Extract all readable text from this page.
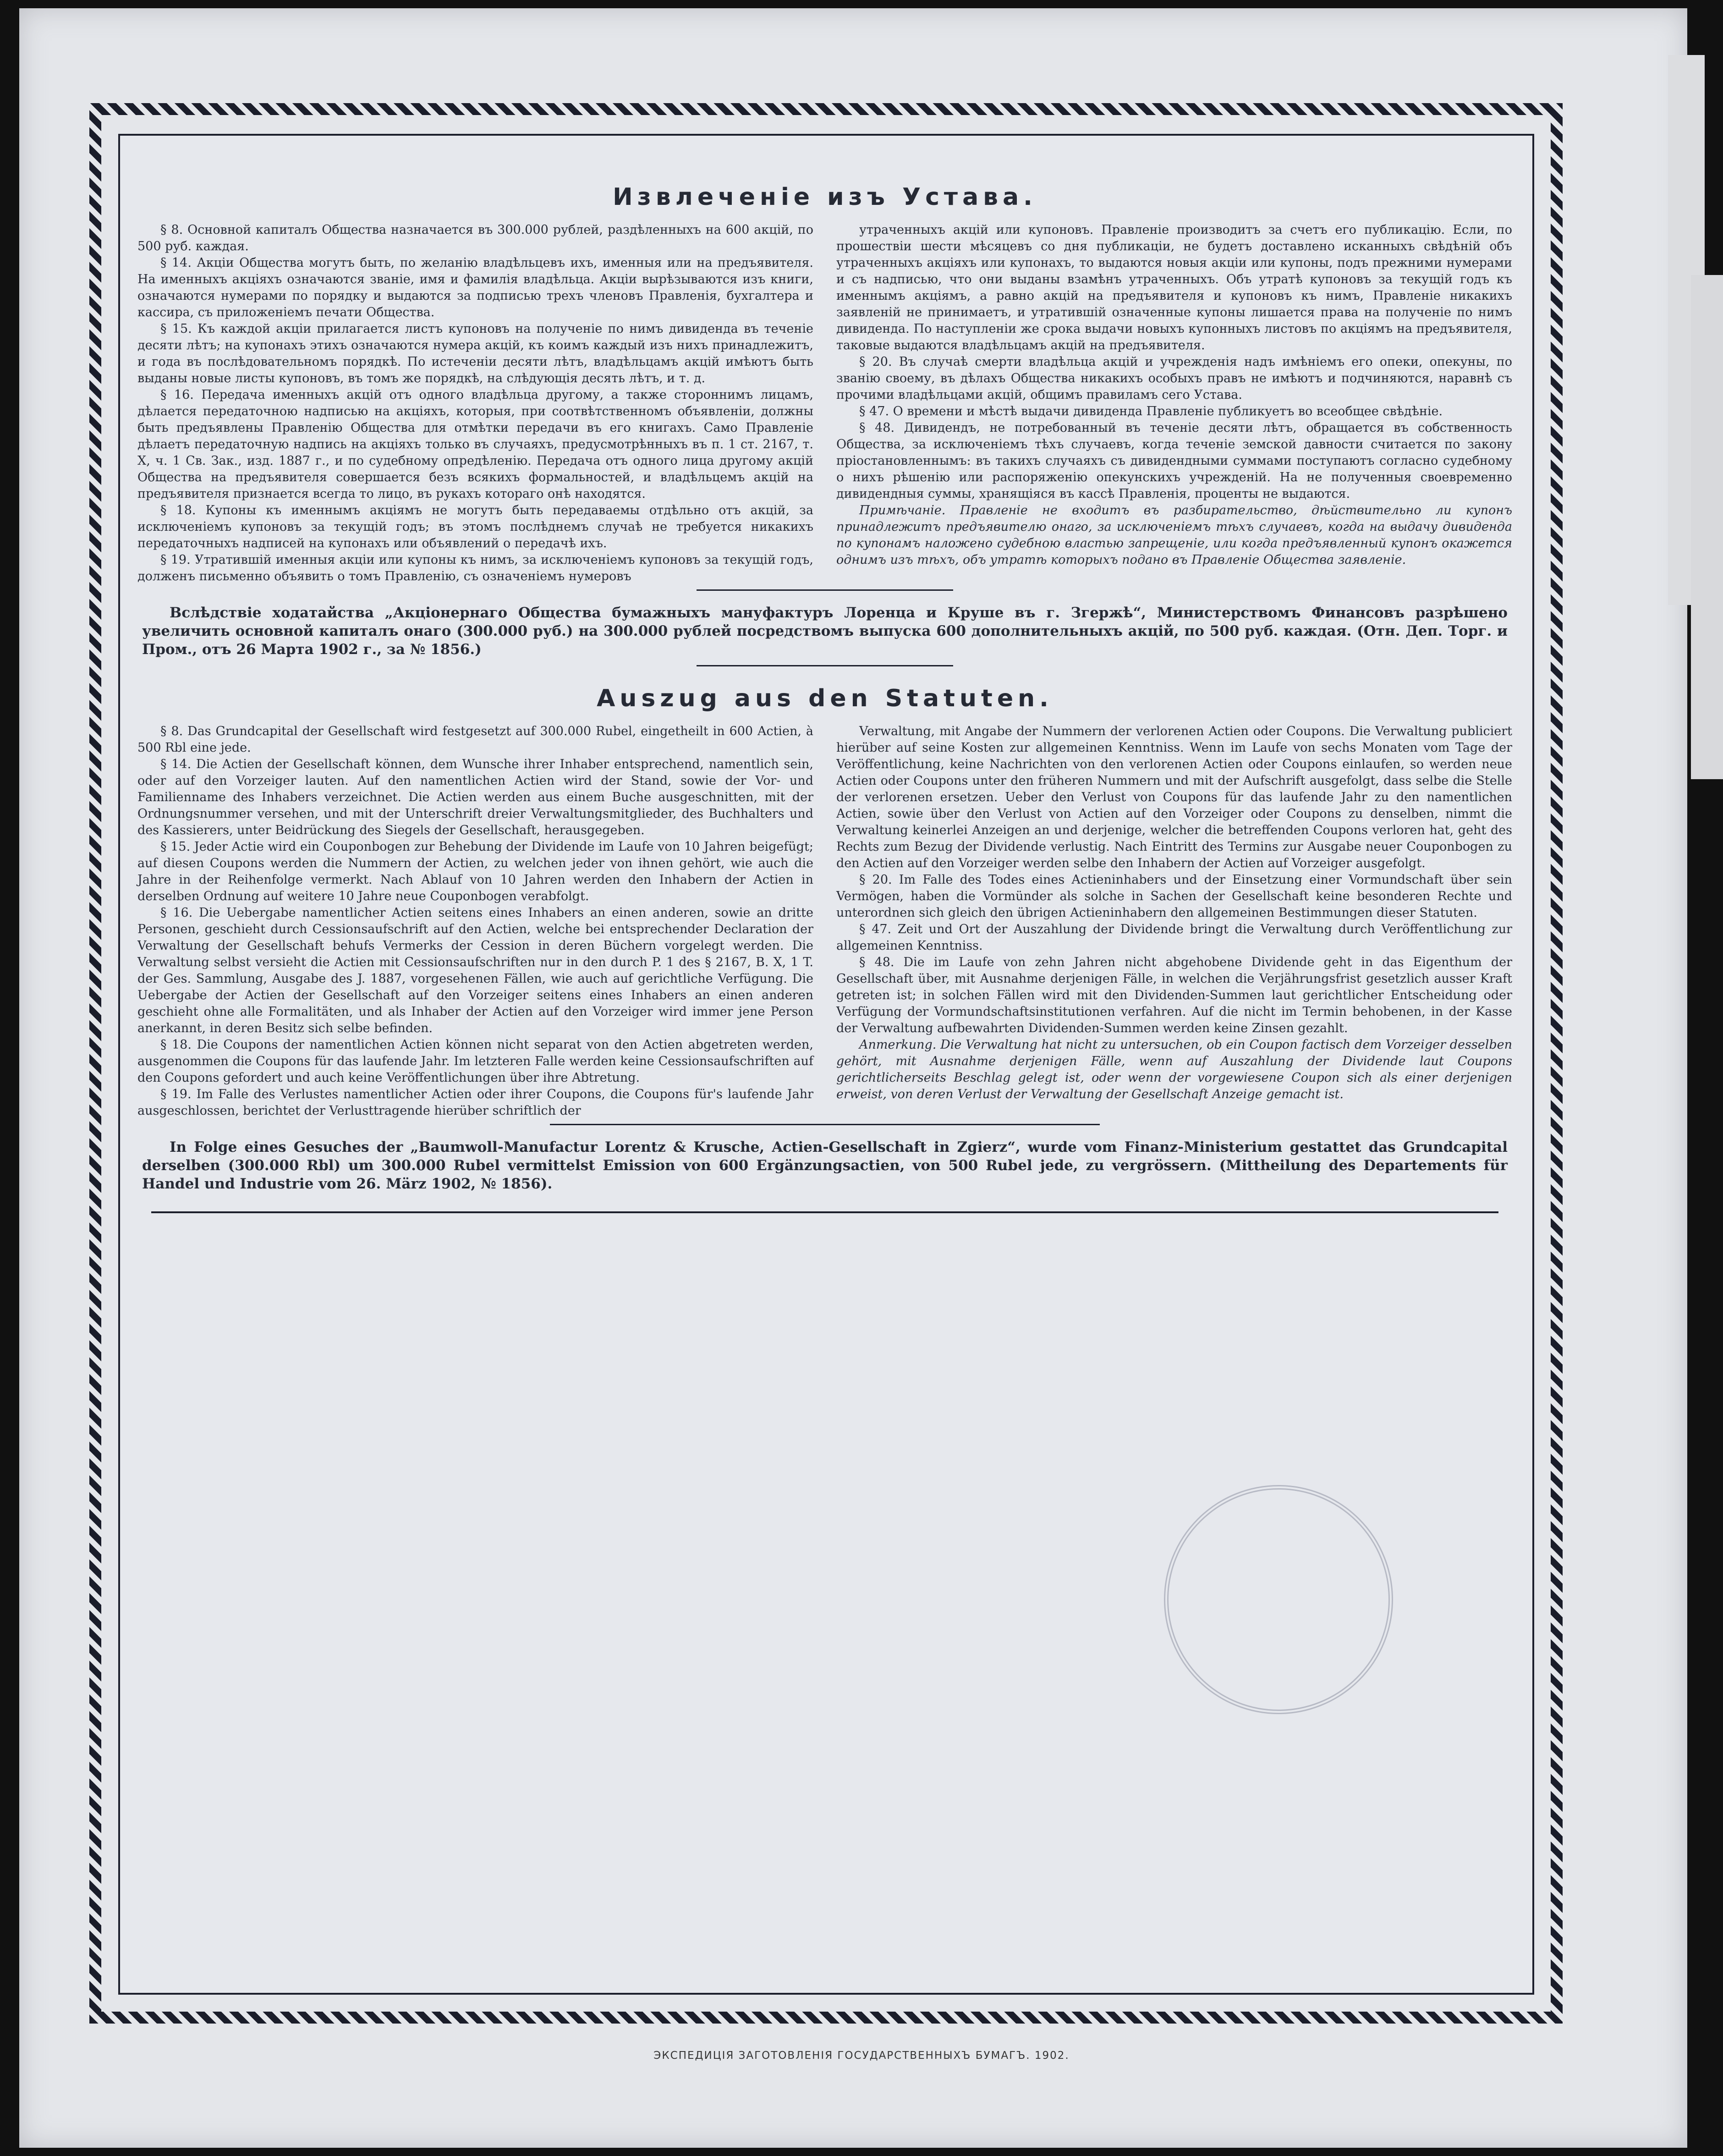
Извлеченіе изъ Устава.

§ 8. Основной капиталъ Общества назначается въ 300.000 рублей, раздѣленныхъ на 600 акцій, по 500 руб. каждая.

§ 14. Акціи Общества могутъ быть, по желанію владѣльцевъ ихъ, именныя или на предъявителя. На именныхъ акціяхъ означаются званіе, имя и фамилія владѣльца. Акціи вырѣзываются изъ книги, означаются нумерами по порядку и выдаются за подписью трехъ членовъ Правленія, бухгалтера и кассира, съ приложеніемъ печати Общества.

§ 15. Къ каждой акціи прилагается листъ купоновъ на полученіе по нимъ дивиденда въ теченіе десяти лѣтъ; на купонахъ этихъ означаются нумера акцій, къ коимъ каждый изъ нихъ принадлежитъ, и года въ послѣдовательномъ порядкѣ. По истеченіи десяти лѣтъ, владѣльцамъ акцій имѣютъ быть выданы новые листы купоновъ, въ томъ же порядкѣ, на слѣдующія десять лѣтъ, и т. д.

§ 16. Передача именныхъ акцій отъ одного владѣльца другому, а также стороннимъ лицамъ, дѣлается передаточною надписью на акціяхъ, которыя, при соотвѣтственномъ объявленіи, должны быть предъявлены Правленію Общества для отмѣтки передачи въ его книгахъ. Само Правленіе дѣлаетъ передаточную надпись на акціяхъ только въ случаяхъ, предусмотрѣнныхъ въ п. 1 ст. 2167, т. X, ч. 1 Св. Зак., изд. 1887 г., и по судебному опредѣленію. Передача отъ одного лица другому акцій Общества на предъявителя совершается безъ всякихъ формальностей, и владѣльцемъ акцій на предъявителя признается всегда то лицо, въ рукахъ котораго онѣ находятся.

§ 18. Купоны къ именнымъ акціямъ не могутъ быть передаваемы отдѣльно отъ акцій, за исключеніемъ купоновъ за текущій годъ; въ этомъ послѣднемъ случаѣ не требуется никакихъ передаточныхъ надписей на купонахъ или объявлений о передачѣ ихъ.

§ 19. Утратившій именныя акціи или купоны къ нимъ, за исключеніемъ купоновъ за текущій годъ, долженъ письменно объявить о томъ Правленію, съ означеніемъ нумеровъ

утраченныхъ акцій или купоновъ. Правленіе производитъ за счетъ его публикацію. Если, по прошествіи шести мѣсяцевъ со дня публикаціи, не будетъ доставлено исканныхъ свѣдѣній объ утраченныхъ акціяхъ или купонахъ, то выдаются новыя акціи или купоны, подъ прежними нумерами и съ надписью, что они выданы взамѣнъ утраченныхъ. Объ утратѣ купоновъ за текущій годъ къ именнымъ акціямъ, а равно акцій на предъявителя и купоновъ къ нимъ, Правленіе никакихъ заявленій не принимаетъ, и утратившій означенные купоны лишается права на полученіе по нимъ дивиденда. По наступленіи же срока выдачи новыхъ купонныхъ листовъ по акціямъ на предъявителя, таковые выдаются владѣльцамъ акцій на предъявителя.

§ 20. Въ случаѣ смерти владѣльца акцій и учрежденія надъ имѣніемъ его опеки, опекуны, по званію своему, въ дѣлахъ Общества никакихъ особыхъ правъ не имѣютъ и подчиняются, наравнѣ съ прочими владѣльцами акцій, общимъ правиламъ сего Устава.

§ 47. О времени и мѣстѣ выдачи дивиденда Правленіе публикуетъ во всеобщее свѣдѣніе.

§ 48. Дивидендъ, не потребованный въ теченіе десяти лѣтъ, обращается въ собственность Общества, за исключеніемъ тѣхъ случаевъ, когда теченіе земской давности считается по закону пріостановленнымъ: въ такихъ случаяхъ съ дивидендными суммами поступаютъ согласно судебному о нихъ рѣшенію или распоряженію опекунскихъ учрежденій. На не полученныя своевременно дивидендныя суммы, хранящіяся въ кассѣ Правленія, проценты не выдаются.

Примѣчаніе. Правленіе не входитъ въ разбирательство, дѣйствительно ли купонъ принадлежитъ предъявителю онаго, за исключеніемъ тѣхъ случаевъ, когда на выдачу дивиденда по купонамъ наложено судебною властью запрещеніе, или когда предъявленный купонъ окажется однимъ изъ тѣхъ, объ утратѣ которыхъ подано въ Правленіе Общества заявленіе.

Вслѣдствіе ходатайства „Акціонернаго Общества бумажныхъ мануфактуръ Лоренца и Круше въ г. Згержѣ“, Министерствомъ Финансовъ разрѣшено увеличить основной капиталъ онаго (300.000 руб.) на 300.000 рублей посредствомъ выпуска 600 дополнительныхъ акцій, по 500 руб. каждая. (Отн. Деп. Торг. и Пром., отъ 26 Марта 1902 г., за № 1856.)
Auszug aus den Statuten.

§ 8. Das Grundcapital der Gesellschaft wird festgesetzt auf 300.000 Rubel, eingetheilt in 600 Actien, à 500 Rbl eine jede.

§ 14. Die Actien der Gesellschaft können, dem Wunsche ihrer Inhaber entsprechend, namentlich sein, oder auf den Vorzeiger lauten. Auf den namentlichen Actien wird der Stand, sowie der Vor- und Familienname des Inhabers verzeichnet. Die Actien werden aus einem Buche ausgeschnitten, mit der Ordnungsnummer versehen, und mit der Unterschrift dreier Verwaltungsmitglieder, des Buchhalters und des Kassierers, unter Beidrückung des Siegels der Gesellschaft, herausgegeben.

§ 15. Jeder Actie wird ein Couponbogen zur Behebung der Dividende im Laufe von 10 Jahren beigefügt; auf diesen Coupons werden die Nummern der Actien, zu welchen jeder von ihnen gehört, wie auch die Jahre in der Reihenfolge vermerkt. Nach Ablauf von 10 Jahren werden den Inhabern der Actien in derselben Ordnung auf weitere 10 Jahre neue Couponbogen verabfolgt.

§ 16. Die Uebergabe namentlicher Actien seitens eines Inhabers an einen anderen, sowie an dritte Personen, geschieht durch Cessionsaufschrift auf den Actien, welche bei entsprechender Declaration der Verwaltung der Gesellschaft behufs Vermerks der Cession in deren Büchern vorgelegt werden. Die Verwaltung selbst versieht die Actien mit Cessionsaufschriften nur in den durch P. 1 des § 2167, B. X, 1 T. der Ges. Sammlung, Ausgabe des J. 1887, vorgesehenen Fällen, wie auch auf gerichtliche Verfügung. Die Uebergabe der Actien der Gesellschaft auf den Vorzeiger seitens eines Inhabers an einen anderen geschieht ohne alle Formalitäten, und als Inhaber der Actien auf den Vorzeiger wird immer jene Person anerkannt, in deren Besitz sich selbe befinden.

§ 18. Die Coupons der namentlichen Actien können nicht separat von den Actien abgetreten werden, ausgenommen die Coupons für das laufende Jahr. Im letzteren Falle werden keine Cessionsaufschriften auf den Coupons gefordert und auch keine Veröffentlichungen über ihre Abtretung.

§ 19. Im Falle des Verlustes namentlicher Actien oder ihrer Coupons, die Coupons für's laufende Jahr ausgeschlossen, berichtet der Verlusttragende hierüber schriftlich der

Verwaltung, mit Angabe der Nummern der verlorenen Actien oder Coupons. Die Verwaltung publiciert hierüber auf seine Kosten zur allgemeinen Kenntniss. Wenn im Laufe von sechs Monaten vom Tage der Veröffentlichung, keine Nachrichten von den verlorenen Actien oder Coupons einlaufen, so werden neue Actien oder Coupons unter den früheren Nummern und mit der Aufschrift ausgefolgt, dass selbe die Stelle der verlorenen ersetzen. Ueber den Verlust von Coupons für das laufende Jahr zu den namentlichen Actien, sowie über den Verlust von Actien auf den Vorzeiger oder Coupons zu denselben, nimmt die Verwaltung keinerlei Anzeigen an und derjenige, welcher die betreffenden Coupons verloren hat, geht des Rechts zum Bezug der Dividende verlustig. Nach Eintritt des Termins zur Ausgabe neuer Couponbogen zu den Actien auf den Vorzeiger werden selbe den Inhabern der Actien auf Vorzeiger ausgefolgt.

§ 20. Im Falle des Todes eines Actieninhabers und der Einsetzung einer Vormundschaft über sein Vermögen, haben die Vormünder als solche in Sachen der Gesellschaft keine besonderen Rechte und unterordnen sich gleich den übrigen Actieninhabern den allgemeinen Bestimmungen dieser Statuten.

§ 47. Zeit und Ort der Auszahlung der Dividende bringt die Verwaltung durch Veröffentlichung zur allgemeinen Kenntniss.

§ 48. Die im Laufe von zehn Jahren nicht abgehobene Dividende geht in das Eigenthum der Gesellschaft über, mit Ausnahme derjenigen Fälle, in welchen die Verjährungsfrist gesetzlich ausser Kraft getreten ist; in solchen Fällen wird mit den Dividenden-Summen laut gerichtlicher Entscheidung oder Verfügung der Vormundschaftsinstitutionen verfahren. Auf die nicht im Termin behobenen, in der Kasse der Verwaltung aufbewahrten Dividenden-Summen werden keine Zinsen gezahlt.

Anmerkung. Die Verwaltung hat nicht zu untersuchen, ob ein Coupon factisch dem Vorzeiger desselben gehört, mit Ausnahme derjenigen Fälle, wenn auf Auszahlung der Dividende laut Coupons gerichtlicherseits Beschlag gelegt ist, oder wenn der vorgewiesene Coupon sich als einer derjenigen erweist, von deren Verlust der Verwaltung der Gesellschaft Anzeige gemacht ist.

In Folge eines Gesuches der „Baumwoll-Manufactur Lorentz & Krusche, Actien-Gesellschaft in Zgierz“, wurde vom Finanz-Ministerium gestattet das Grundcapital derselben (300.000 Rbl) um 300.000 Rubel vermittelst Emission von 600 Ergänzungsactien, von 500 Rubel jede, zu vergrössern. (Mittheilung des Departements für Handel und Industrie vom 26. März 1902, № 1856).
ЭКСПЕДИЦІЯ ЗАГОТОВЛЕНІЯ ГОСУДАРСТВЕННЫХЪ БУМАГЪ. 1902.
